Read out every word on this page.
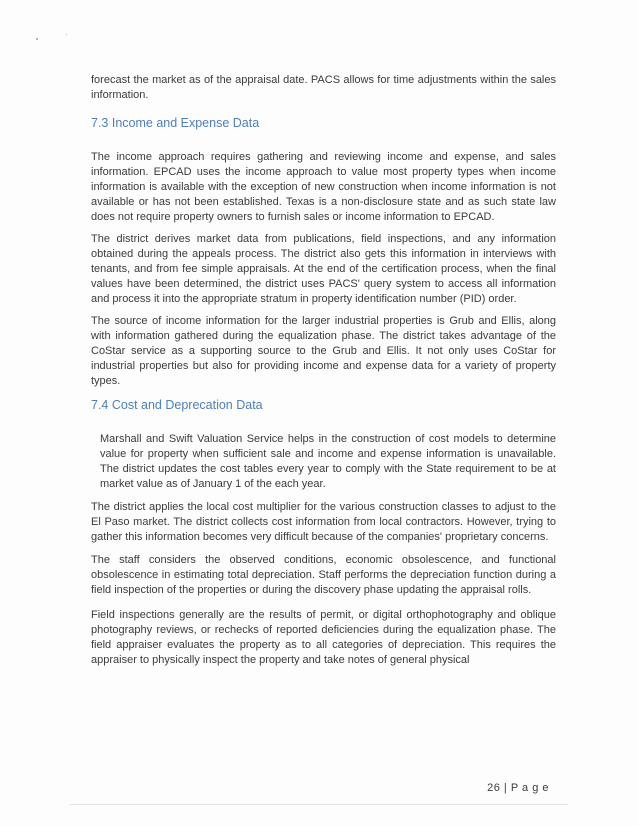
forecast the market as of the appraisal date. PACS allows for time adjustments within the sales information.

7.3 Income and Expense Data

The income approach requires gathering and reviewing income and expense, and sales information. EPCAD uses the income approach to value most property types when income information is available with the exception of new construction when income information is not available or has not been established. Texas is a non-disclosure state and as such state law does not require property owners to furnish sales or income information to EPCAD.

The district derives market data from publications, field inspections, and any information obtained during the appeals process. The district also gets this information in interviews with tenants, and from fee simple appraisals. At the end of the certification process, when the final values have been determined, the district uses PACS' query system to access all information and process it into the appropriate stratum in property identification number (PID) order.

The source of income information for the larger industrial properties is Grub and Ellis, along with information gathered during the equalization phase. The district takes advantage of the CoStar service as a supporting source to the Grub and Ellis. It not only uses CoStar for industrial properties but also for providing income and expense data for a variety of property types.

7.4 Cost and Deprecation Data

Marshall and Swift Valuation Service helps in the construction of cost models to determine value for property when sufficient sale and income and expense information is unavailable. The district updates the cost tables every year to comply with the State requirement to be at market value as of January 1 of the each year.

The district applies the local cost multiplier for the various construction classes to adjust to the El Paso market. The district collects cost information from local contractors. However, trying to gather this information becomes very difficult because of the companies' proprietary concerns.

The staff considers the observed conditions, economic obsolescence, and functional obsolescence in estimating total depreciation. Staff performs the depreciation function during a field inspection of the properties or during the discovery phase updating the appraisal rolls.

Field inspections generally are the results of permit, or digital orthophotography and oblique photography reviews, or rechecks of reported deficiencies during the equalization phase. The field appraiser evaluates the property as to all categories of depreciation. This requires the appraiser to physically inspect the property and take notes of general physical

26 | P a g e
